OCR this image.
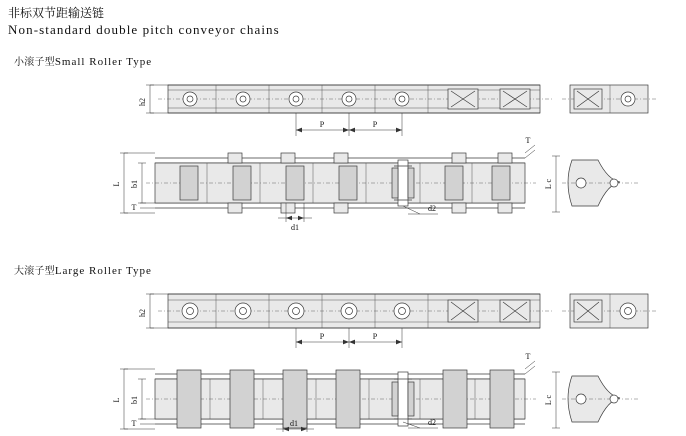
非标双节距输送链
Non-standard double pitch conveyor chains
小滚子型Small Roller Type
大滚子型Large Roller Type
h2
P	P
L b1
T
d1
d2
T
L c
h2
P	P
L b1
T	d1	d2
T
L c
